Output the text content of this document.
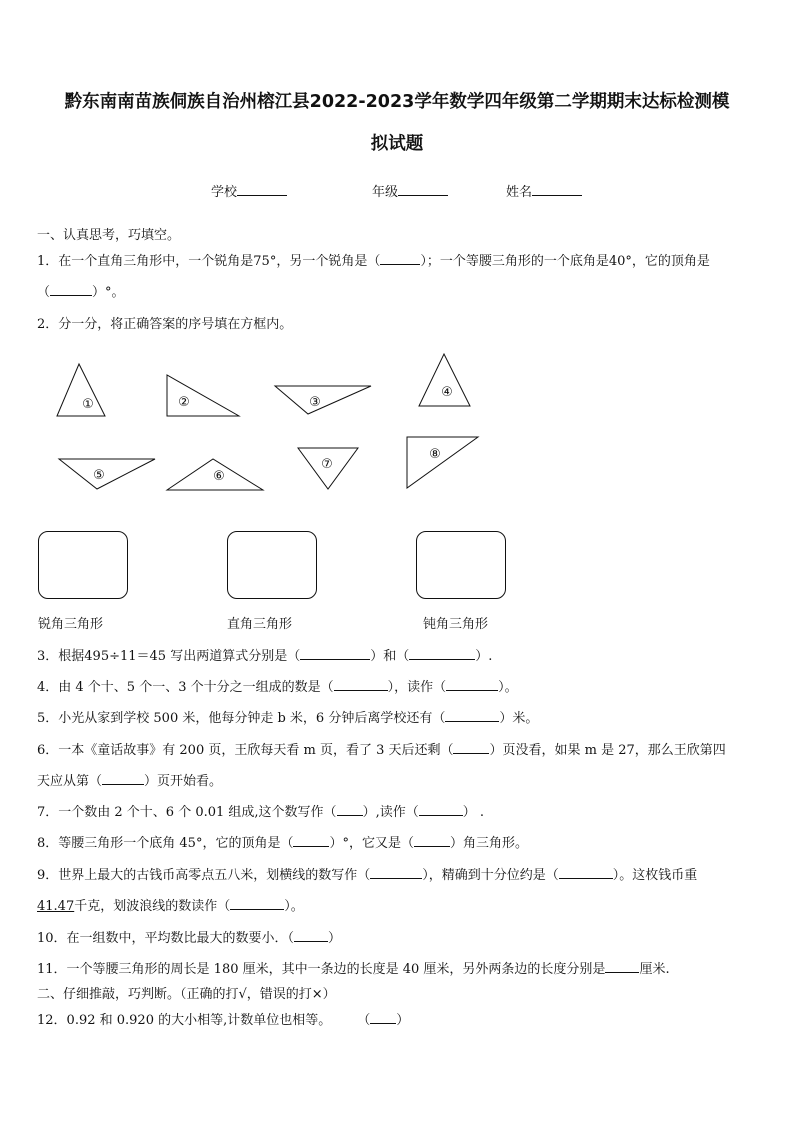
黔东南南苗族侗族自治州榕江县2022-2023学年数学四年级第二学期期末达标检测模
拟试题
学校	年级	姓名
一、认真思考，巧填空。
1．在一个直角三角形中，一个锐角是75°，另一个锐角是（	）；一个等腰三角形的一个底角是40°，它的顶角是
（	）°。
2．分一分，将正确答案的序号填在方框内。
①	②	③
④
⑤	⑥
⑦
⑧
锐角三角形	直角三角形	钝角三角形
3．根据495÷11＝45 写出两道算式分别是（	）和（	）.
4．由 4 个十、5 个一、3 个十分之一组成的数是（	），读作（	）。
5．小光从家到学校 500 米，他每分钟走 b 米，6 分钟后离学校还有（	）米。
6．一本《童话故事》有 200 页，王欣每天看 m 页，看了 3 天后还剩（	）页没看，如果 m 是 27，那么王欣第四
天应从第（	）页开始看。
7．一个数由 2 个十、6 个 0.01 组成,这个数写作（ ）,读作（	） .
8．等腰三角形一个底角 45°，它的顶角是（	）°，它又是（	）角三角形。
9．世界上最大的古钱币高零点五八米，划横线的数写作（	），精确到十分位约是（	）。这枚钱币重
41.47千克，划波浪线的数读作（	）。
10．在一组数中，平均数比最大的数要小．（	）
11．一个等腰三角形的周长是 180 厘米，其中一条边的长度是 40 厘米，另外两条边的长度分别是	厘米.
二、仔细推敲，巧判断。（正确的打√，错误的打×）
12．0.92 和 0.920 的大小相等,计数单位也相等。 （ ）
